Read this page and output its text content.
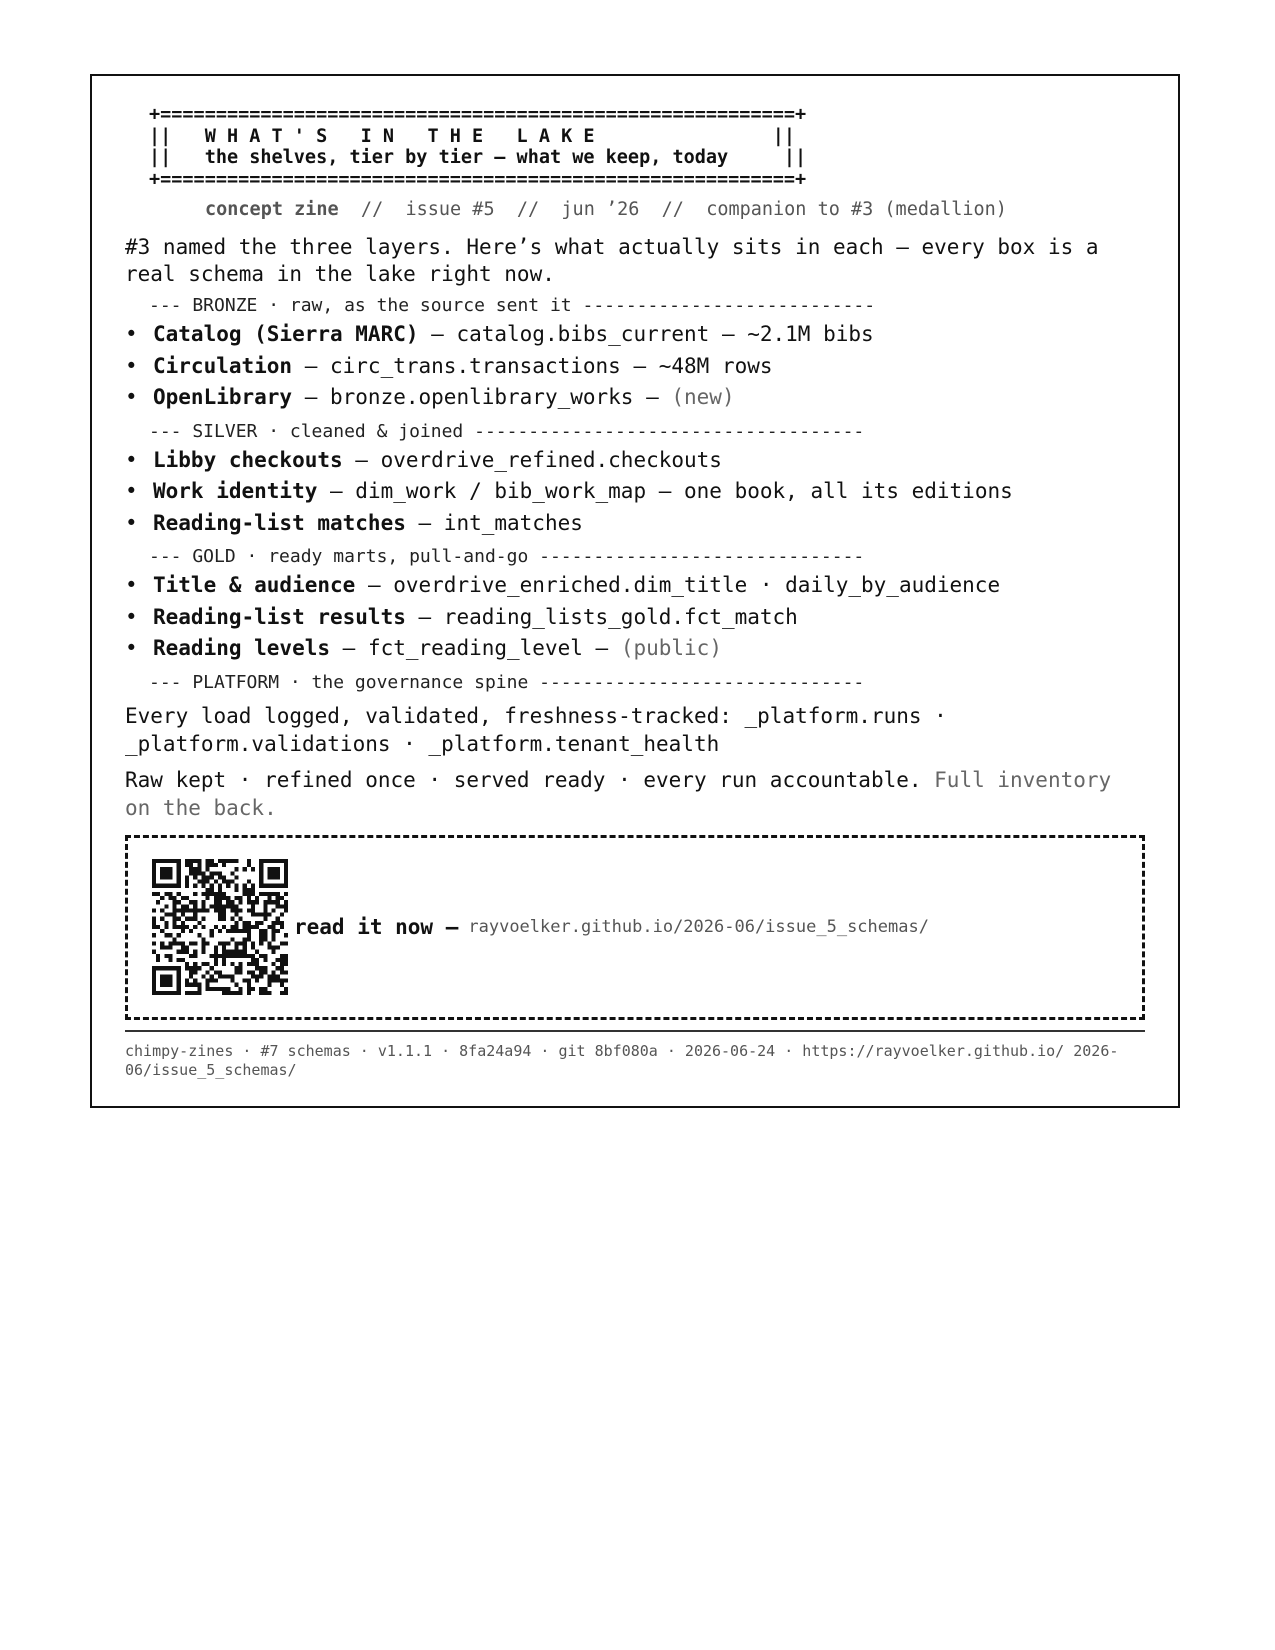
+=========================================================+
||   W H A T ' S   I N   T H E   L A K E                ||
||   the shelves, tier by tier — what we keep, today     ||
+=========================================================+
concept zine  //  issue #5  //  jun ’26  //  companion to #3 (medallion)
#3 named the three layers. Here’s what actually sits in each — every box is a real schema in the lake right now.
--- BRONZE · raw, as the source sent it ---------------------------
• Catalog (Sierra MARC) — catalog.bibs_current — ~2.1M bibs
• Circulation — circ_trans.transactions — ~48M rows
• OpenLibrary — bronze.openlibrary_works — (new)
--- SILVER · cleaned & joined ------------------------------------
• Libby checkouts — overdrive_refined.checkouts
• Work identity — dim_work / bib_work_map — one book, all its editions
• Reading-list matches — int_matches
--- GOLD · ready marts, pull-and-go ------------------------------
• Title & audience — overdrive_enriched.dim_title · daily_by_audience
• Reading-list results — reading_lists_gold.fct_match
• Reading levels — fct_reading_level — (public)
--- PLATFORM · the governance spine ------------------------------
Every load logged, validated, freshness-tracked: _platform.runs · _platform.validations · _platform.tenant_health
Raw kept · refined once · served ready · every run accountable. Full inventory on the back.
read it now — rayvoelker.github.io/2026-06/issue_5_schemas/
chimpy-zines · #7 schemas · v1.1.1 · 8fa24a94 · git 8bf080a · 2026-06-24 · https://rayvoelker.github.io/ 2026-06/issue_5_schemas/
